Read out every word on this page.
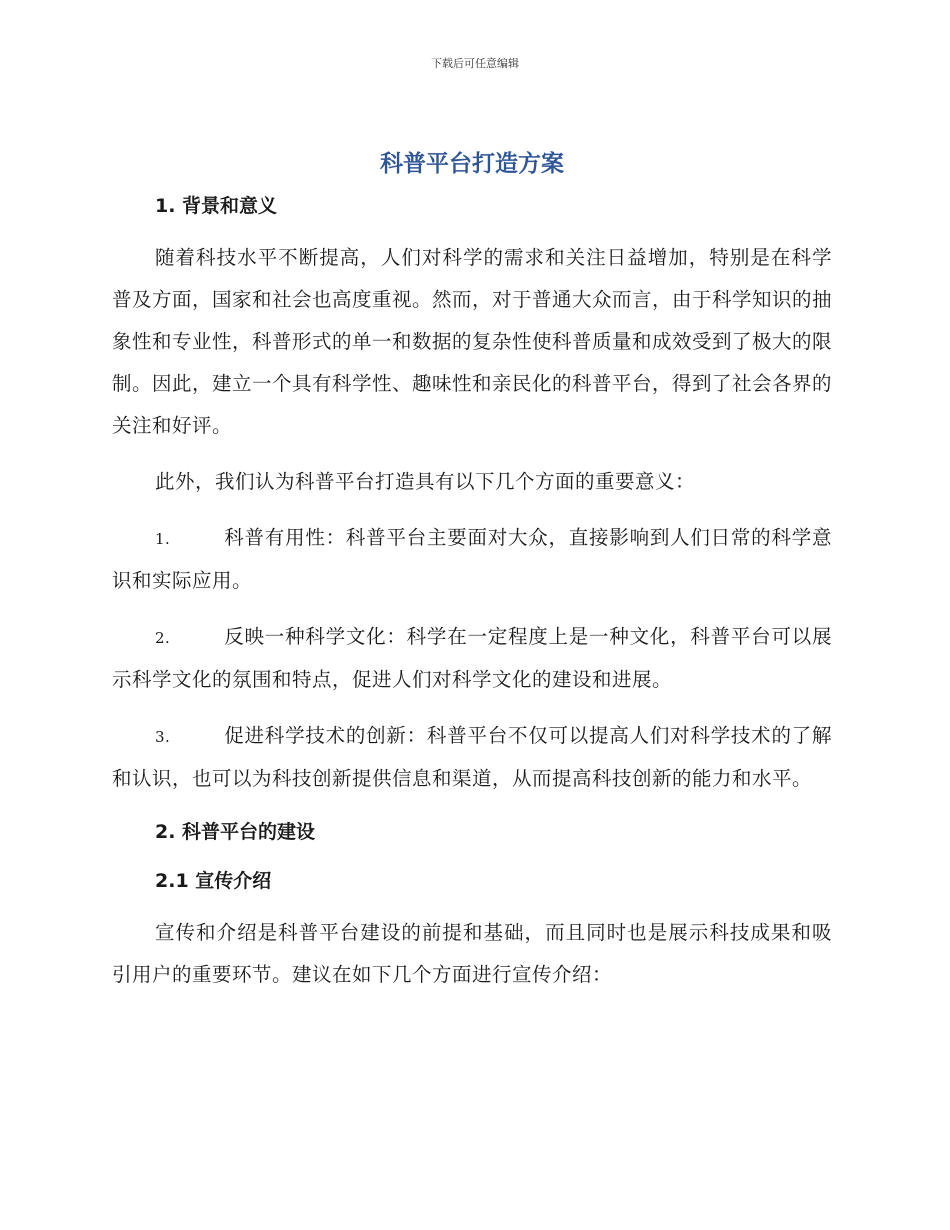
下载后可任意编辑
科普平台打造方案
1. 背景和意义

随着科技水平不断提高，人们对科学的需求和关注日益增加，特别是在科学普及方面，国家和社会也高度重视。然而，对于普通大众而言，由于科学知识的抽象性和专业性，科普形式的单一和数据的复杂性使科普质量和成效受到了极大的限制。因此，建立一个具有科学性、趣味性和亲民化的科普平台，得到了社会各界的关注和好评。

此外，我们认为科普平台打造具有以下几个方面的重要意义：

1.	科普有用性：科普平台主要面对大众，直接影响到人们日常的科学意识和实际应用。

2.	反映一种科学文化：科学在一定程度上是一种文化，科普平台可以展示科学文化的氛围和特点，促进人们对科学文化的建设和进展。

3.	促进科学技术的创新：科普平台不仅可以提高人们对科学技术的了解和认识，也可以为科技创新提供信息和渠道，从而提高科技创新的能力和水平。

2. 科普平台的建设
2.1 宣传介绍

宣传和介绍是科普平台建设的前提和基础，而且同时也是展示科技成果和吸引用户的重要环节。建议在如下几个方面进行宣传介绍：
